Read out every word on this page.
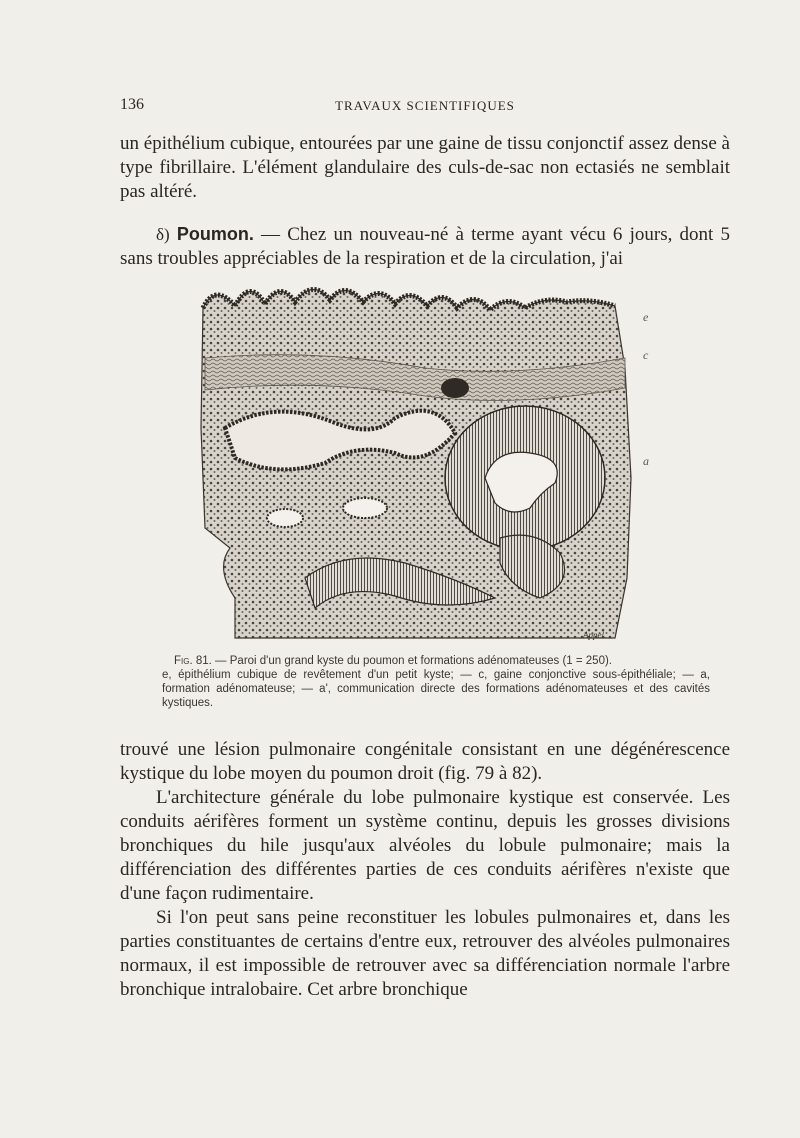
136	TRAVAUX SCIENTIFIQUES

un épithélium cubique, entourées par une gaine de tissu conjonctif assez dense à type fibrillaire. L'élément glandulaire des culs-de-sac non ectasiés ne semblait pas altéré.

δ) Poumon. — Chez un nouveau-né à terme ayant vécu 6 jours, dont 5 sans troubles appréciables de la respiration et de la circulation, j'ai

Appel.
e
c
a

Fig. 81. — Paroi d'un grand kyste du poumon et formations adénomateuses (1 = 250).

e, épithélium cubique de revêtement d'un petit kyste; — c, gaine conjonctive sous-épithéliale; — a, formation adénomateuse; — a', communication directe des formations adénomateuses et des cavités kystiques.

trouvé une lésion pulmonaire congénitale consistant en une dégénérescence kystique du lobe moyen du poumon droit (fig. 79 à 82).

L'architecture générale du lobe pulmonaire kystique est conservée. Les conduits aérifères forment un système continu, depuis les grosses divisions bronchiques du hile jusqu'aux alvéoles du lobule pulmonaire; mais la différenciation des différentes parties de ces conduits aérifères n'existe que d'une façon rudimentaire.

Si l'on peut sans peine reconstituer les lobules pulmonaires et, dans les parties constituantes de certains d'entre eux, retrouver des alvéoles pulmonaires normaux, il est impossible de retrouver avec sa différenciation normale l'arbre bronchique intralobaire. Cet arbre bronchique
